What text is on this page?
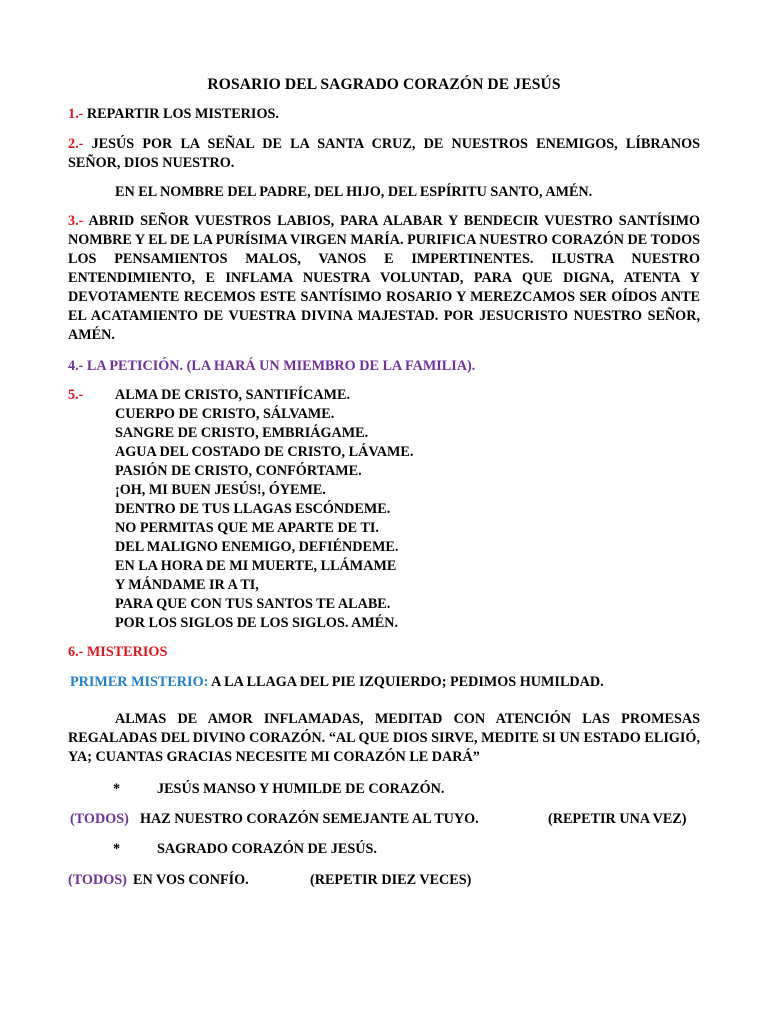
ROSARIO DEL SAGRADO CORAZÓN DE JESÚS
1.- REPARTIR LOS MISTERIOS.
2.- JESÚS POR LA SEÑAL DE LA SANTA CRUZ, DE NUESTROS ENEMIGOS, LÍBRANOS SEÑOR, DIOS NUESTRO.
EN EL NOMBRE DEL PADRE, DEL HIJO, DEL ESPÍRITU SANTO, AMÉN.
3.- ABRID SEÑOR VUESTROS LABIOS, PARA ALABAR Y BENDECIR VUESTRO SANTÍSIMO NOMBRE Y EL DE LA PURÍSIMA VIRGEN MARÍA. PURIFICA NUESTRO CORAZÓN DE TODOS LOS PENSAMIENTOS MALOS, VANOS E IMPERTINENTES. ILUSTRA NUESTRO ENTENDIMIENTO, E INFLAMA NUESTRA VOLUNTAD, PARA QUE DIGNA, ATENTA Y DEVOTAMENTE RECEMOS ESTE SANTÍSIMO ROSARIO Y MEREZCAMOS SER OÍDOS ANTE EL ACATAMIENTO DE VUESTRA DIVINA MAJESTAD. POR JESUCRISTO NUESTRO SEÑOR, AMÉN.
4.- LA PETICIÓN. (LA HARÁ UN MIEMBRO DE LA FAMILIA).
5.-	ALMA DE CRISTO, SANTIFÍCAME.
CUERPO DE CRISTO, SÁLVAME.
SANGRE DE CRISTO, EMBRIÁGAME.
AGUA DEL COSTADO DE CRISTO, LÁVAME.
PASIÓN DE CRISTO, CONFÓRTAME.
¡OH, MI BUEN JESÚS!, ÓYEME.
DENTRO DE TUS LLAGAS ESCÓNDEME.
NO PERMITAS QUE ME APARTE DE TI.
DEL MALIGNO ENEMIGO, DEFIÉNDEME.
EN LA HORA DE MI MUERTE, LLÁMAME
Y MÁNDAME IR A TI,
PARA QUE CON TUS SANTOS TE ALABE.
POR LOS SIGLOS DE LOS SIGLOS. AMÉN.
6.- MISTERIOS
PRIMER MISTERIO: A LA LLAGA DEL PIE IZQUIERDO; PEDIMOS HUMILDAD.
ALMAS DE AMOR INFLAMADAS, MEDITAD CON ATENCIÓN LAS PROMESAS REGALADAS DEL DIVINO CORAZÓN. “AL QUE DIOS SIRVE, MEDITE SI UN ESTADO ELIGIÓ, YA; CUANTAS GRACIAS NECESITE MI CORAZÓN LE DARÁ”
*	JESÚS MANSO Y HUMILDE DE CORAZÓN.
(TODOS) HAZ NUESTRO CORAZÓN SEMEJANTE AL TUYO.	(REPETIR UNA VEZ)
*	SAGRADO CORAZÓN DE JESÚS.
(TODOS) EN VOS CONFÍO.	(REPETIR DIEZ VECES)
